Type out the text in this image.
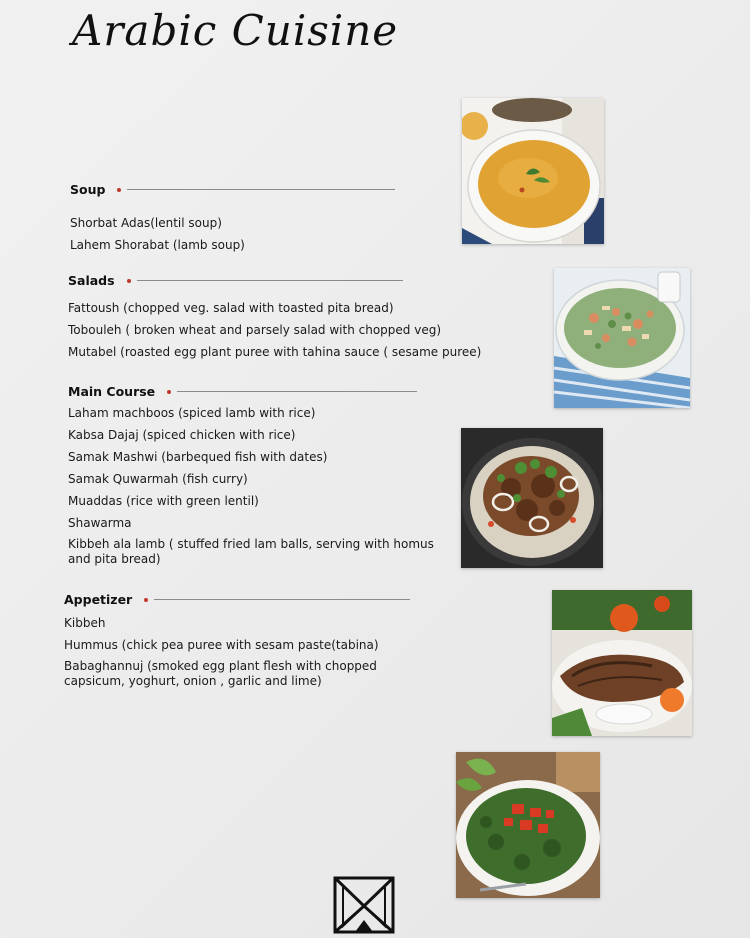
Arabic Cuisine
Soup
Shorbat Adas(lentil soup)
Lahem Shorabat (lamb soup)
Salads
Fattoush (chopped veg. salad with toasted pita bread)
Tobouleh ( broken wheat and parsely salad with chopped veg)
Mutabel (roasted egg plant puree with tahina sauce ( sesame puree)
Main Course
Laham machboos (spiced lamb with rice)
Kabsa Dajaj (spiced chicken with rice)
Samak Mashwi (barbequed fish with dates)
Samak Quwarmah (fish curry)
Muaddas (rice with green lentil)
Shawarma
Kibbeh ala lamb ( stuffed fried lam balls, serving with homus and pita bread)
Appetizer
Kibbeh
Hummus (chick pea puree with sesam paste(tabina)
Babaghannuj (smoked egg plant flesh with chopped capsicum, yoghurt, onion , garlic and lime)
